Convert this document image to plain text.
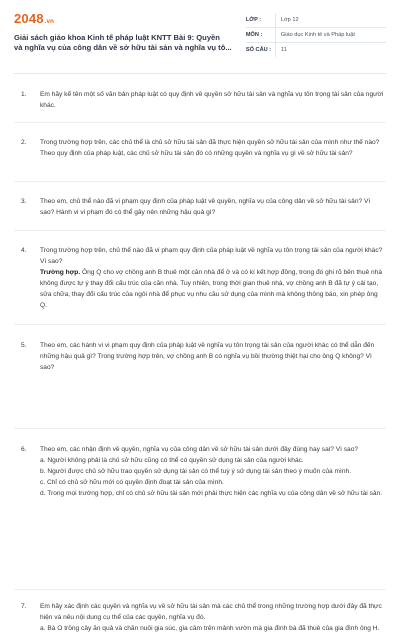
2048.vn
Giải sách giáo khoa Kinh tế pháp luật KNTT Bài 9: Quyền
và nghĩa vụ của công dân về sở hữu tài sản và nghĩa vụ tô...
LỚP :	Lớp 12
MÔN :	Giáo dục Kinh tế và Pháp luật
SỐ CÂU :	11
1. Em hãy kể tên một số văn bản pháp luật có quy định về quyền sở hữu tài sản và nghĩa vụ tôn trọng tài sản của người khác.

2. Trong trường hợp trên, các chủ thể là chủ sở hữu tài sản đã thực hiện quyền sở hữu tài sản của mình như thế nào? Theo quy định của pháp luật, các chủ sở hữu tài sản đó có những quyền và nghĩa vụ gì về sở hữu tài sản?

3. Theo em, chủ thể nào đã vi phạm quy định của pháp luật về quyền, nghĩa vụ của công dân về sở hữu tài sản? Vì sao? Hành vi vi phạm đó có thể gây nên những hậu quả gì?

4. Trong trường hợp trên, chủ thể nào đã vi phạm quy định của pháp luật về nghĩa vụ tôn trọng tài sản của người khác? Vì sao?

Trường hợp. Ông Q cho vợ chồng anh B thuê một căn nhà để ở và có kí kết hợp đồng, trong đó ghi rõ bên thuê nhà không được tự ý thay đổi cấu trúc của căn nhà. Tuy nhiên, trong thời gian thuê nhà, vợ chồng anh B đã tự ý cải tạo, sửa chữa, thay đổi cấu trúc của ngôi nhà để phục vụ nhu cầu sử dụng của mình mà không thông báo, xin phép ông Q.

5. Theo em, các hành vi vi phạm quy định của pháp luật về nghĩa vụ tôn trọng tài sản của người khác có thể dẫn đến những hậu quả gì? Trong trường hợp trên, vợ chồng anh B có nghĩa vụ bồi thường thiệt hại cho ông Q không? Vì sao?

6. Theo em, các nhận định về quyền, nghĩa vụ của công dân về sở hữu tài sản dưới đây đúng hay sai? Vì sao?

a. Người không phải là chủ sở hữu cũng có thể có quyền sử dụng tài sản của người khác.

b. Người được chủ sở hữu trao quyền sử dụng tài sản có thể tuỳ ý sử dụng tài sản theo ý muốn của mình.

c. Chỉ có chủ sở hữu mới có quyền định đoạt tài sản của mình.

d. Trong mọi trường hợp, chỉ có chủ sở hữu tài sản mới phải thực hiện các nghĩa vụ của công dân về sở hữu tài sản.

7. Em hãy xác định các quyền và nghĩa vụ về sở hữu tài sản mà các chủ thể trong những trường hợp dưới đây đã thực hiện và nêu nội dung cụ thể của các quyền, nghĩa vụ đó.

a. Bà O trồng cây ăn quả và chăn nuôi gia súc, gia cầm trên mảnh vườn mà gia đình bà đã thuê của gia đình ông H.
